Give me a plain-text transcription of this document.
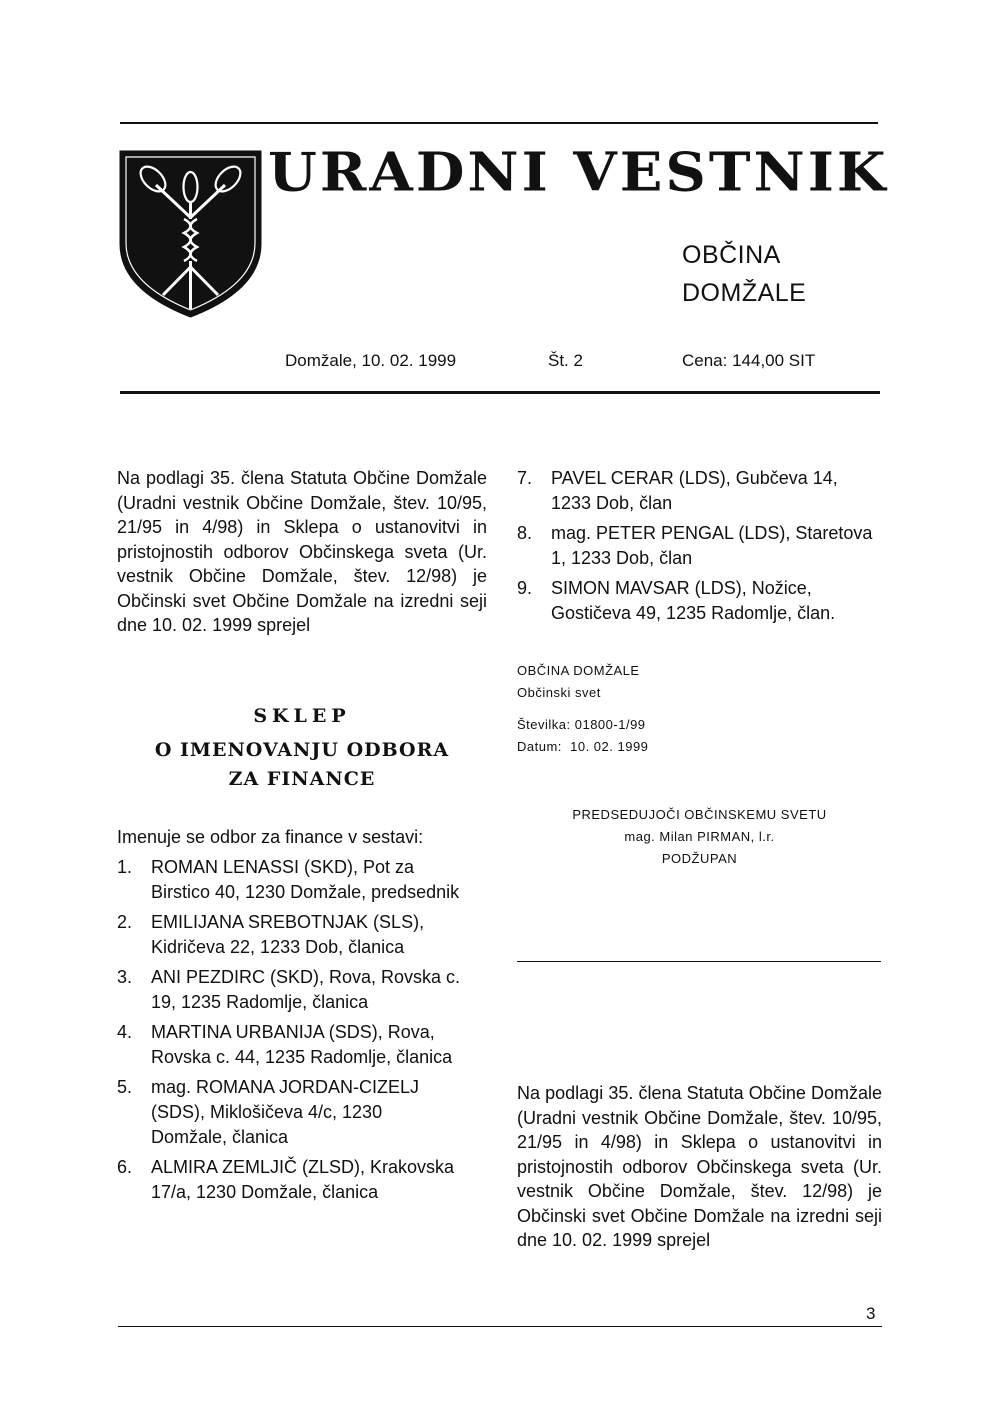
URADNI VESTNIK
OBČINA
DOMŽALE
Domžale, 10. 02. 1999	Št. 2	Cena: 144,00 SIT

Na podlagi 35. člena Statuta Občine Domžale (Uradni vestnik Občine Domžale, štev. 10/95, 21/95 in 4/98) in Sklepa o ustanovitvi in pristojnostih odborov Občinskega sveta (Ur. vestnik Občine Domžale, štev. 12/98) je Občinski svet Občine Domžale na izredni seji dne 10. 02. 1999 sprejel

SKLEP
O IMENOVANJU ODBORA
ZA FINANCE
Imenuje se odbor za finance v sestavi:
1. ROMAN LENASSI (SKD), Pot za Birstico 40, 1230 Domžale, predsednik
2. EMILIJANA SREBOTNJAK (SLS), Kidričeva 22, 1233 Dob, članica
3. ANI PEZDIRC (SKD), Rova, Rovska c. 19, 1235 Radomlje, članica
4. MARTINA URBANIJA (SDS), Rova, Rovska c. 44, 1235 Radomlje, članica
5. mag. ROMANA JORDAN-CIZELJ (SDS), Miklošičeva 4/c, 1230 Domžale, članica
6. ALMIRA ZEMLJIČ (ZLSD), Krakovska 17/a, 1230 Domžale, članica
7. PAVEL CERAR (LDS), Gubčeva 14, 1233 Dob, član
8. mag. PETER PENGAL (LDS), Staretova 1, 1233 Dob, član
9. SIMON MAVSAR (LDS), Nožice, Gostičeva 49, 1235 Radomlje, član.
OBČINA DOMŽALE
Občinski svet
Številka: 01800-1/99
Datum:  10. 02. 1999
PREDSEDUJOČI OBČINSKEMU SVETU
mag. Milan PIRMAN, l.r.
PODŽUPAN

Na podlagi 35. člena Statuta Občine Domžale (Uradni vestnik Občine Domžale, štev. 10/95, 21/95 in 4/98) in Sklepa o ustanovitvi in pristojnostih odborov Občinskega sveta (Ur. vestnik Občine Domžale, štev. 12/98) je Občinski svet Občine Domžale na izredni seji dne 10. 02. 1999 sprejel

3
